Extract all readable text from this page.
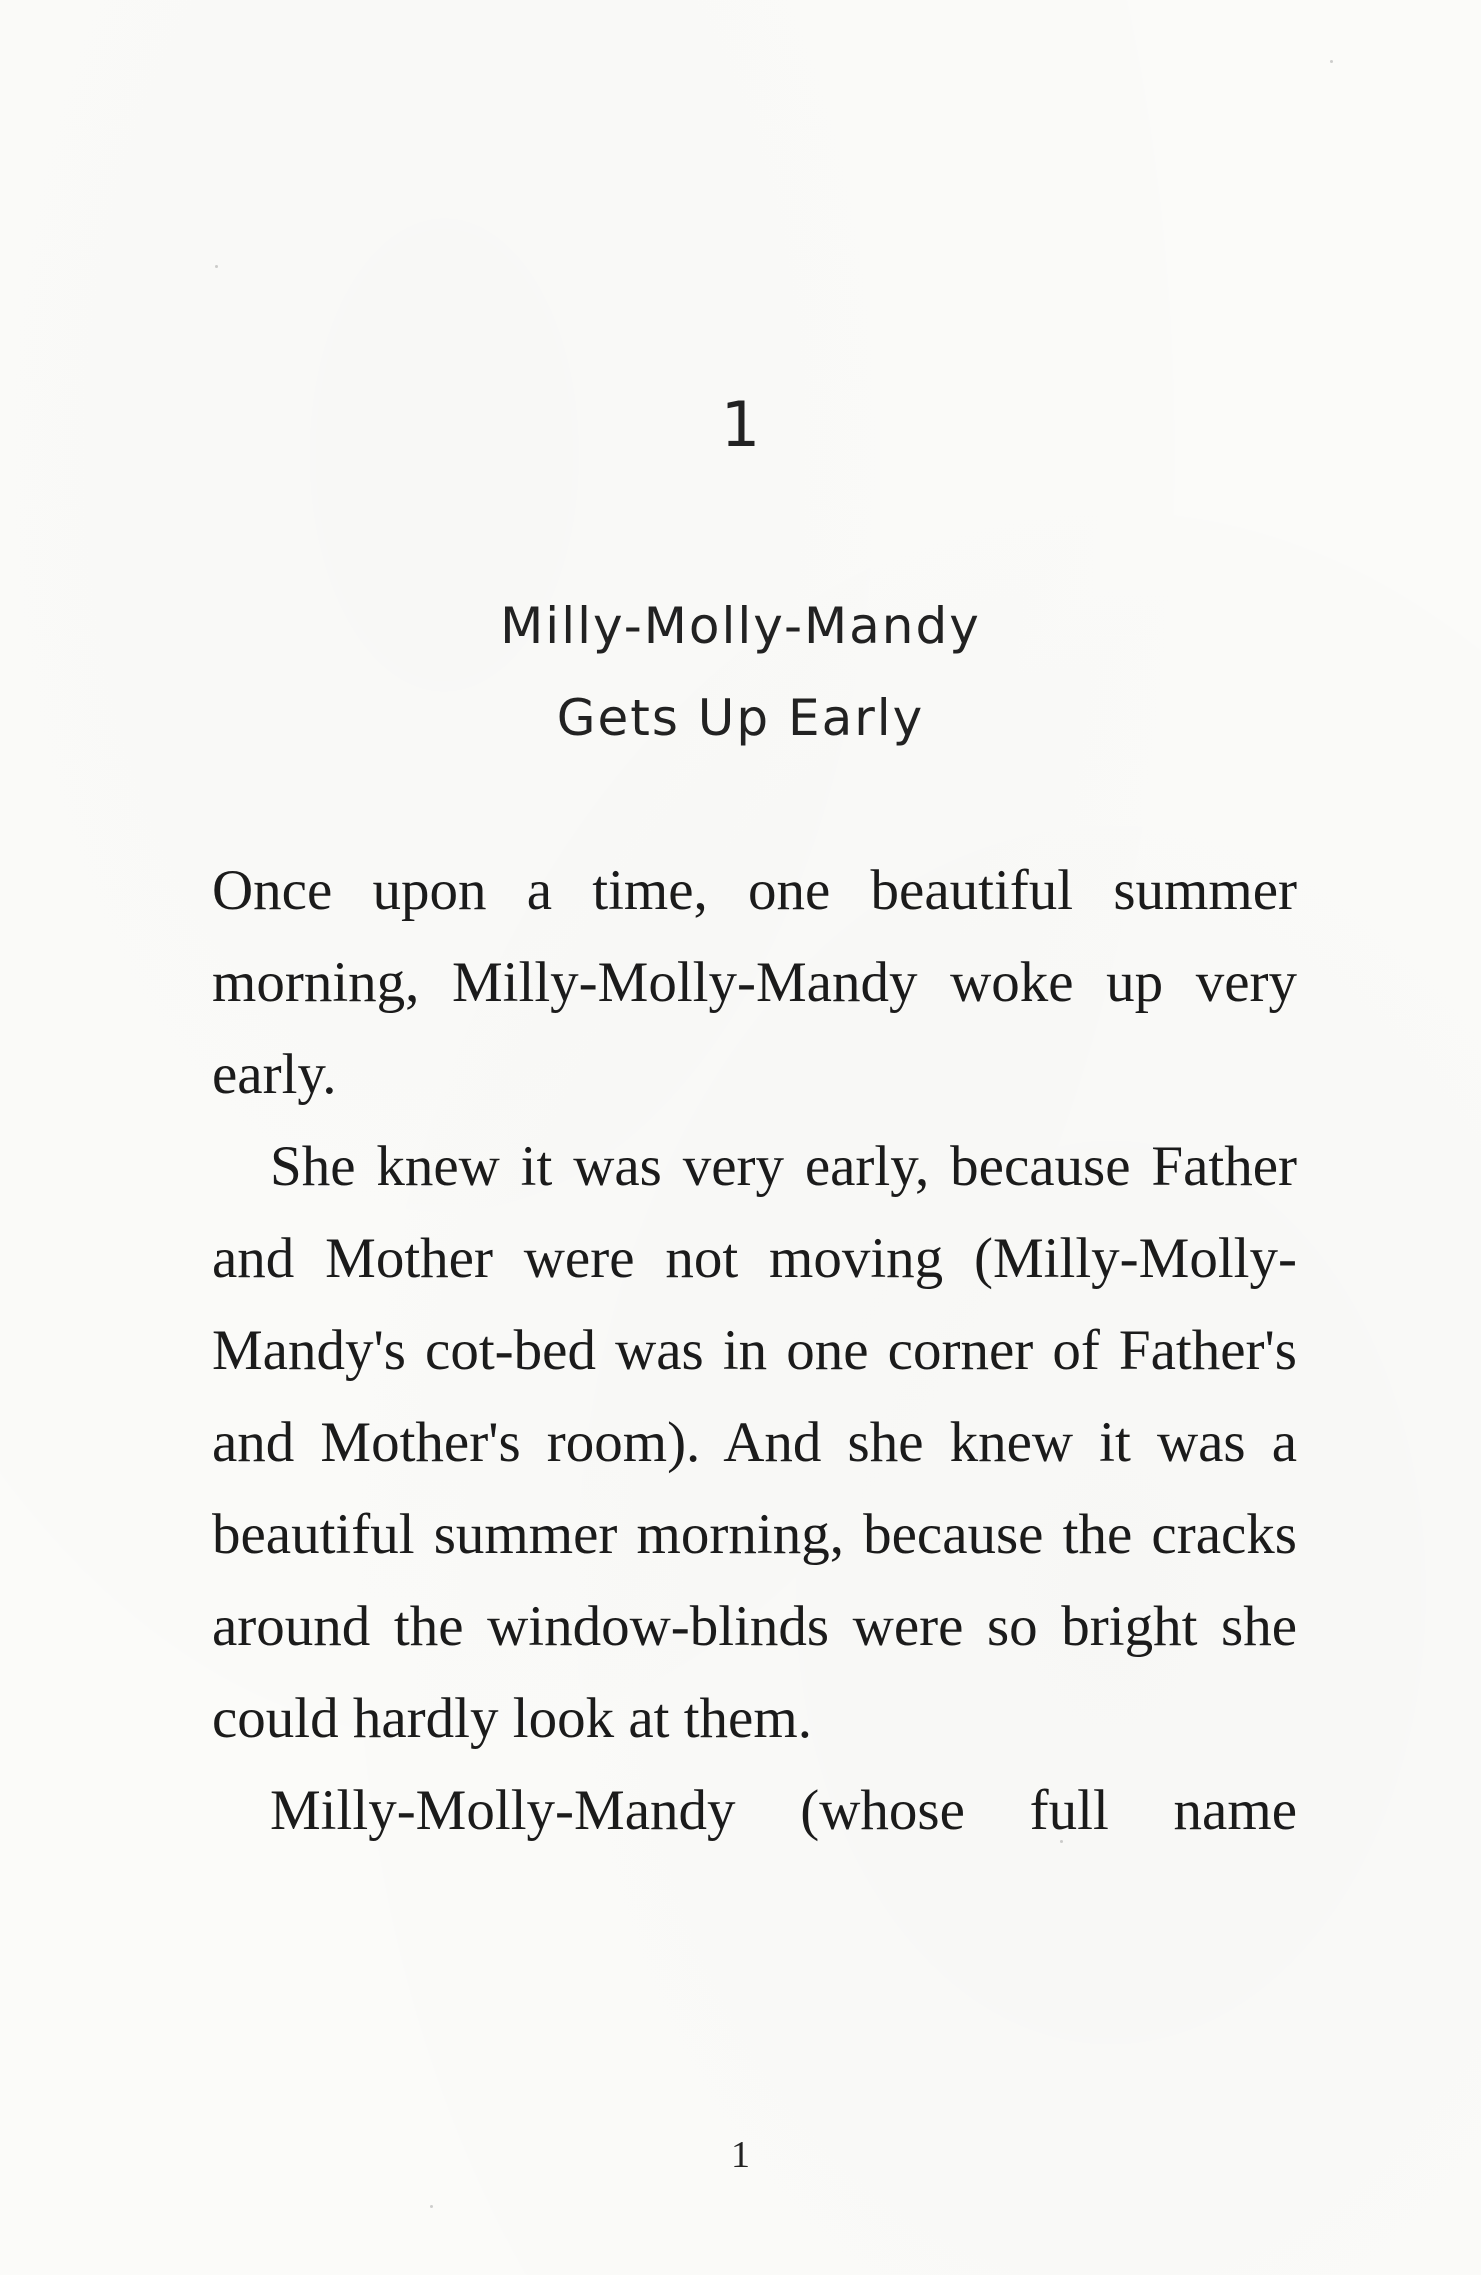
1
Milly-Molly-Mandy
Gets Up Early

Once upon a time, one beautiful summer morning, Milly-Molly-Mandy woke up very early.

She knew it was very early, because Father and Mother were not moving (Milly-Molly-Mandy's cot-bed was in one corner of Father's and Mother's room). And she knew it was a beautiful summer morning, because the cracks around the window-blinds were so bright she could hardly look at them.

Milly-Molly-Mandy (whose full name

1
